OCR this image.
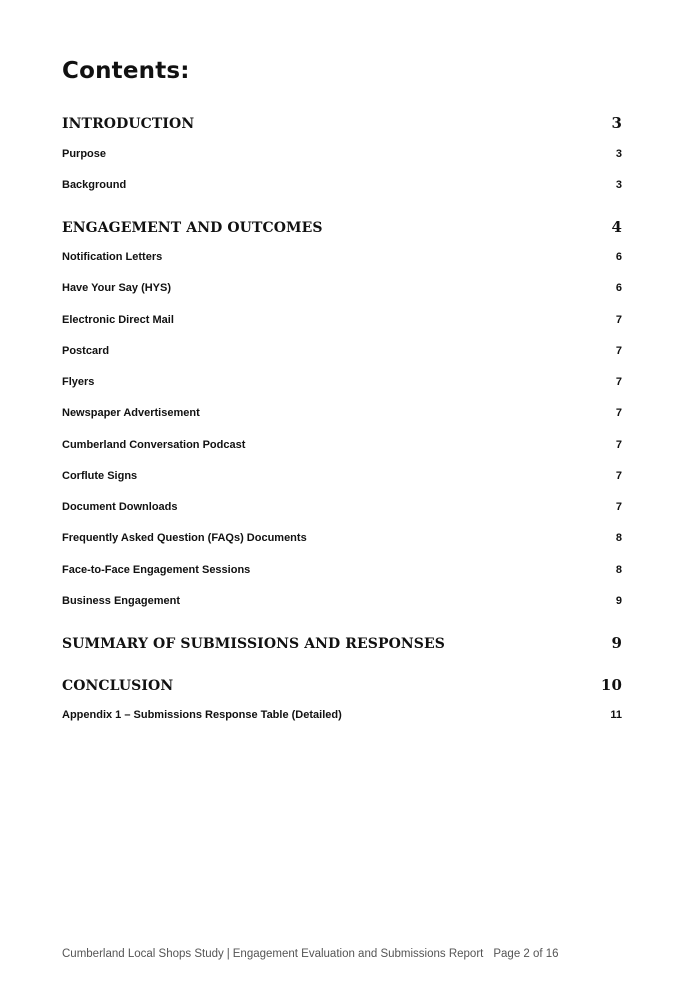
Contents:
INTRODUCTION	3
Purpose	3
Background	3
ENGAGEMENT AND OUTCOMES	4
Notification Letters	6
Have Your Say (HYS)	6
Electronic Direct Mail	7
Postcard	7
Flyers	7
Newspaper Advertisement	7
Cumberland Conversation Podcast	7
Corflute Signs	7
Document Downloads	7
Frequently Asked Question (FAQs) Documents	8
Face-to-Face Engagement Sessions	8
Business Engagement	9
SUMMARY OF SUBMISSIONS AND RESPONSES	9
CONCLUSION	10
Appendix 1 – Submissions Response Table (Detailed)	11
Cumberland Local Shops Study | Engagement Evaluation and Submissions Report Page 2 of 16
